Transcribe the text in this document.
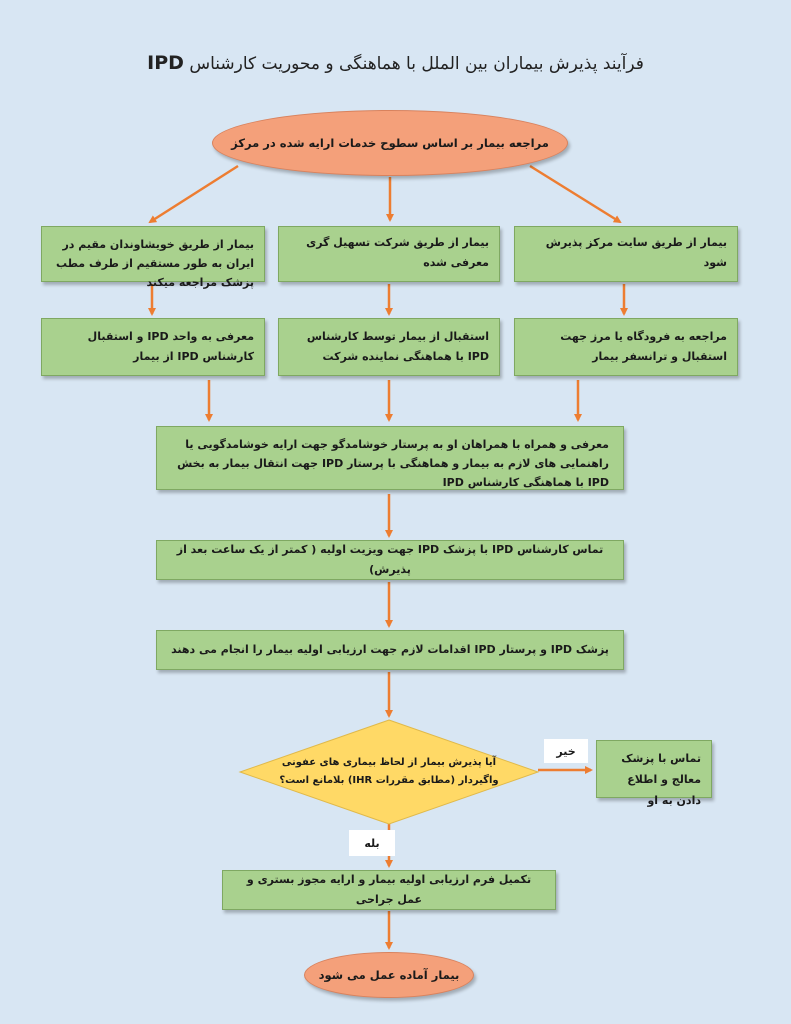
فرآیند پذیرش بیماران بین الملل با هماهنگی و محوریت کارشناس IPD
مراجعه بیمار بر اساس سطوح خدمات ارایه شده در مرکز
بیمار از طریق سایت مرکز پذیرش شود
بیمار از طریق شرکت تسهیل گری معرفی شده
بیمار از طریق خویشاوندان مقیم در ایران به طور مستقیم از طرف مطب پزشک مراجعه میکند
مراجعه به فرودگاه یا مرز جهت استقبال و ترانسفر بیمار
استقبال از بیمار توسط کارشناس IPD با هماهنگی نماینده شرکت
معرفی به واحد IPD و استقبال کارشناس IPD از بیمار
معرفی و همراه با همراهان او به پرستار خوشامدگو جهت ارایه خوشامدگویی یا راهنمایی های لازم به بیمار و هماهنگی با پرستار IPD جهت انتقال بیمار به بخش IPD با هماهنگی کارشناس IPD
تماس کارشناس IPD با پزشک IPD جهت ویزیت اولیه ( کمتر از یک ساعت بعد از پذیرش)
پزشک IPD و پرستار IPD اقدامات لازم جهت ارزیابی اولیه بیمار را انجام می دهند
آیا پذیرش بیمار از لحاظ بیماری های عفونی
واگیردار (مطابق مقررات IHR) بلامانع است؟
خیر
تماس با پزشک معالج و اطلاع دادن به او
بله
تکمیل فرم ارزیابی اولیه بیمار و ارایه مجوز بستری و عمل جراحی
بیمار آماده عمل می شود
